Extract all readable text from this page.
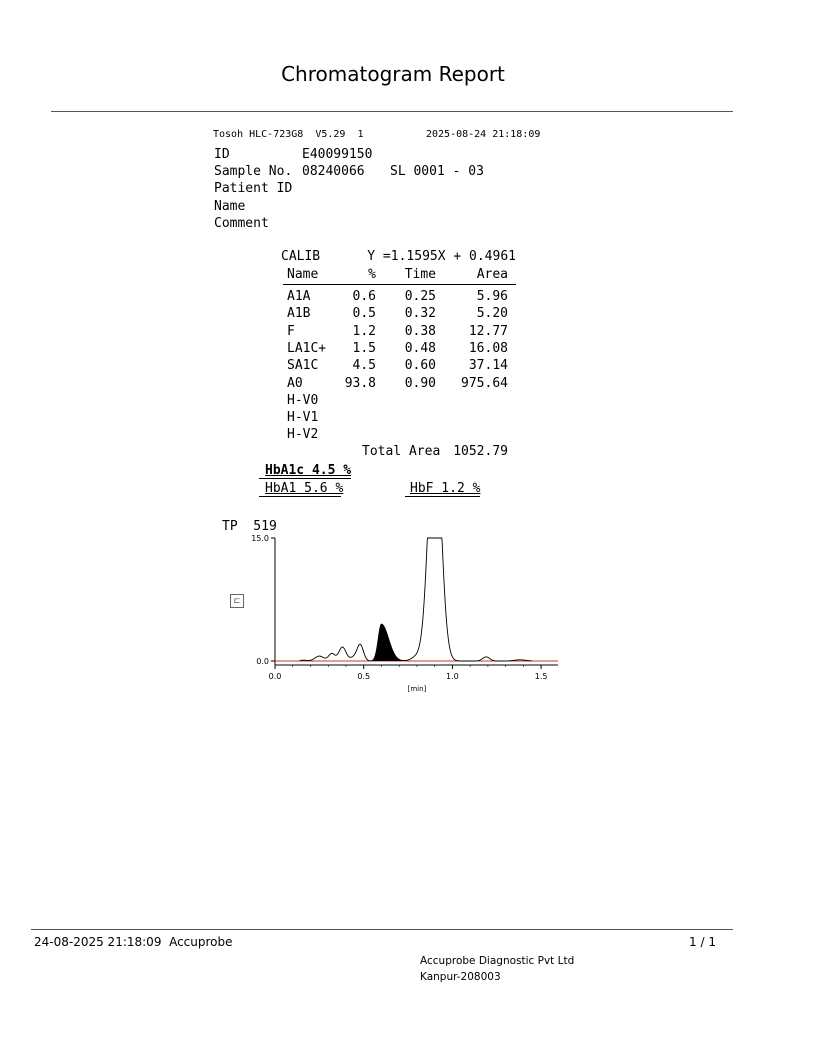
Chromatogram Report
Tosoh HLC-723G8  V5.29  1	2025-08-24 21:18:09
ID	E40099150
Sample No. 08240066 SL 0001 - 03
Patient ID
Name
Comment
CALIB	Y =1.1595X + 0.4961
Name	%	Time	Area
A1A	0.6	0.25	5.96
A1B	0.5	0.32	5.20
F	1.2	0.38	12.77
LA1C+	1.5	0.48	16.08
SA1C	4.5	0.60	37.14
A0	93.8	0.90	975.64
H-V0
H-V1
H-V2
Total Area 1052.79
HbA1c 4.5 %
HbA1 5.6 %	HbF 1.2 %
TP  519
0.0
15.0
0.0	0.5	1.0	1.5
[min]
⊏
24-08-2025 21:18:09  Accuprobe	1 / 1
Accuprobe Diagnostic Pvt Ltd
Kanpur-208003
